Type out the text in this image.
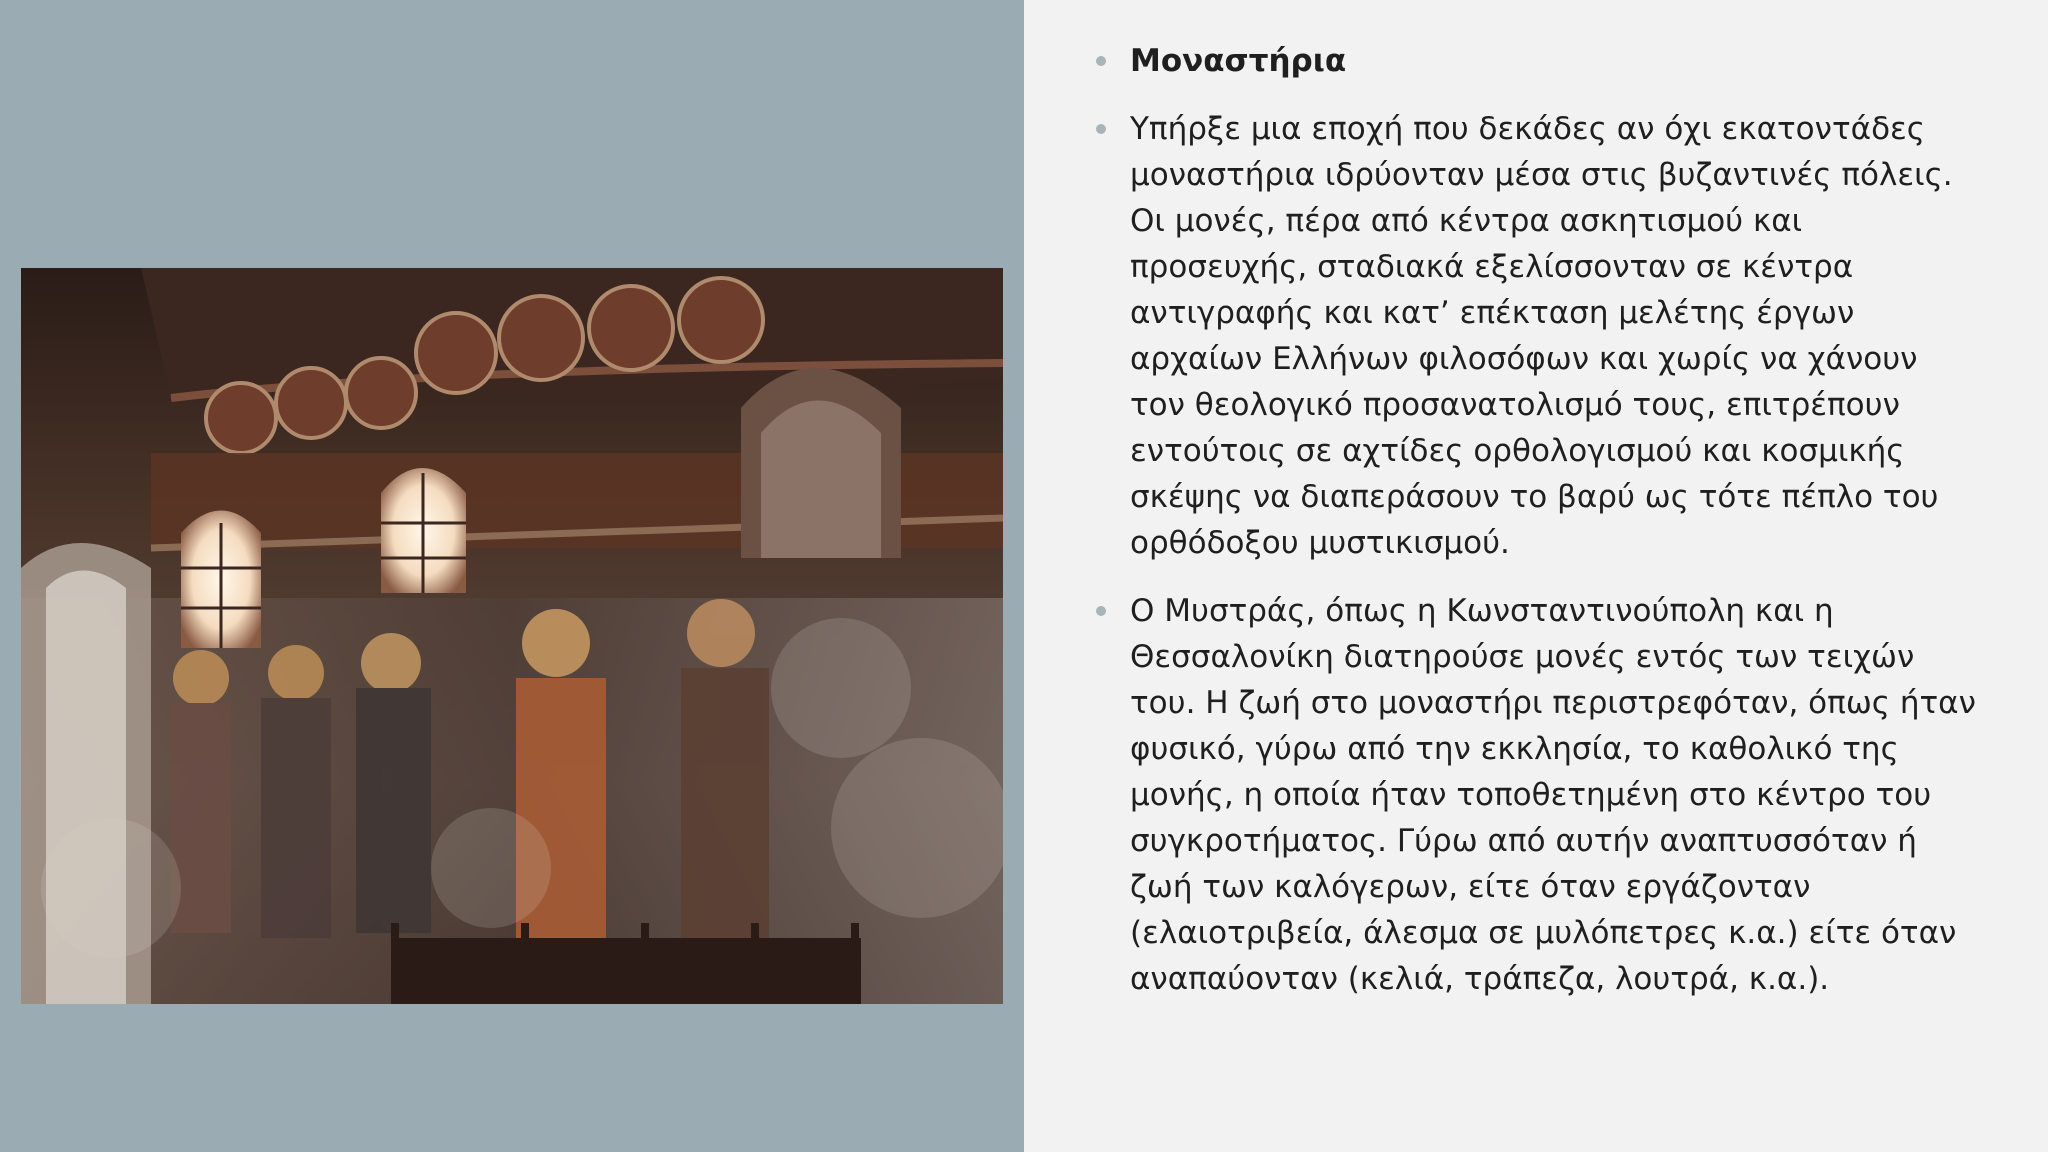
Μοναστήρια
Υπήρξε μια εποχή που δεκάδες αν όχι εκατοντάδες μοναστήρια ιδρύονταν μέσα στις βυζαντινές πόλεις. Οι μονές, πέρα από κέντρα ασκητισμού και προσευχής, σταδιακά εξελίσσονταν σε κέντρα αντιγραφής και κατ’ επέκταση μελέτης έργων αρχαίων Ελλήνων φιλοσόφων και χωρίς να χάνουν τον θεολογικό προσανατολισμό τους, επιτρέπουν εντούτοις σε αχτίδες ορθολογισμού και κοσμικής σκέψης να διαπεράσουν το βαρύ ως τότε πέπλο του ορθόδοξου μυστικισμού.
Ο Μυστράς, όπως η Κωνσταντινούπολη και η Θεσσαλονίκη διατηρούσε μονές εντός των τειχών του. Η ζωή στο μοναστήρι περιστρεφόταν, όπως ήταν φυσικό, γύρω από την εκκλησία, το καθολικό της μονής, η οποία ήταν τοποθετημένη στο κέντρο του συγκροτήματος. Γύρω από αυτήν αναπτυσσόταν ή ζωή των καλόγερων, είτε όταν εργάζονταν (ελαιοτριβεία, άλεσμα σε μυλόπετρες κ.α.) είτε όταν αναπαύονταν (κελιά, τράπεζα, λουτρά, κ.α.).
